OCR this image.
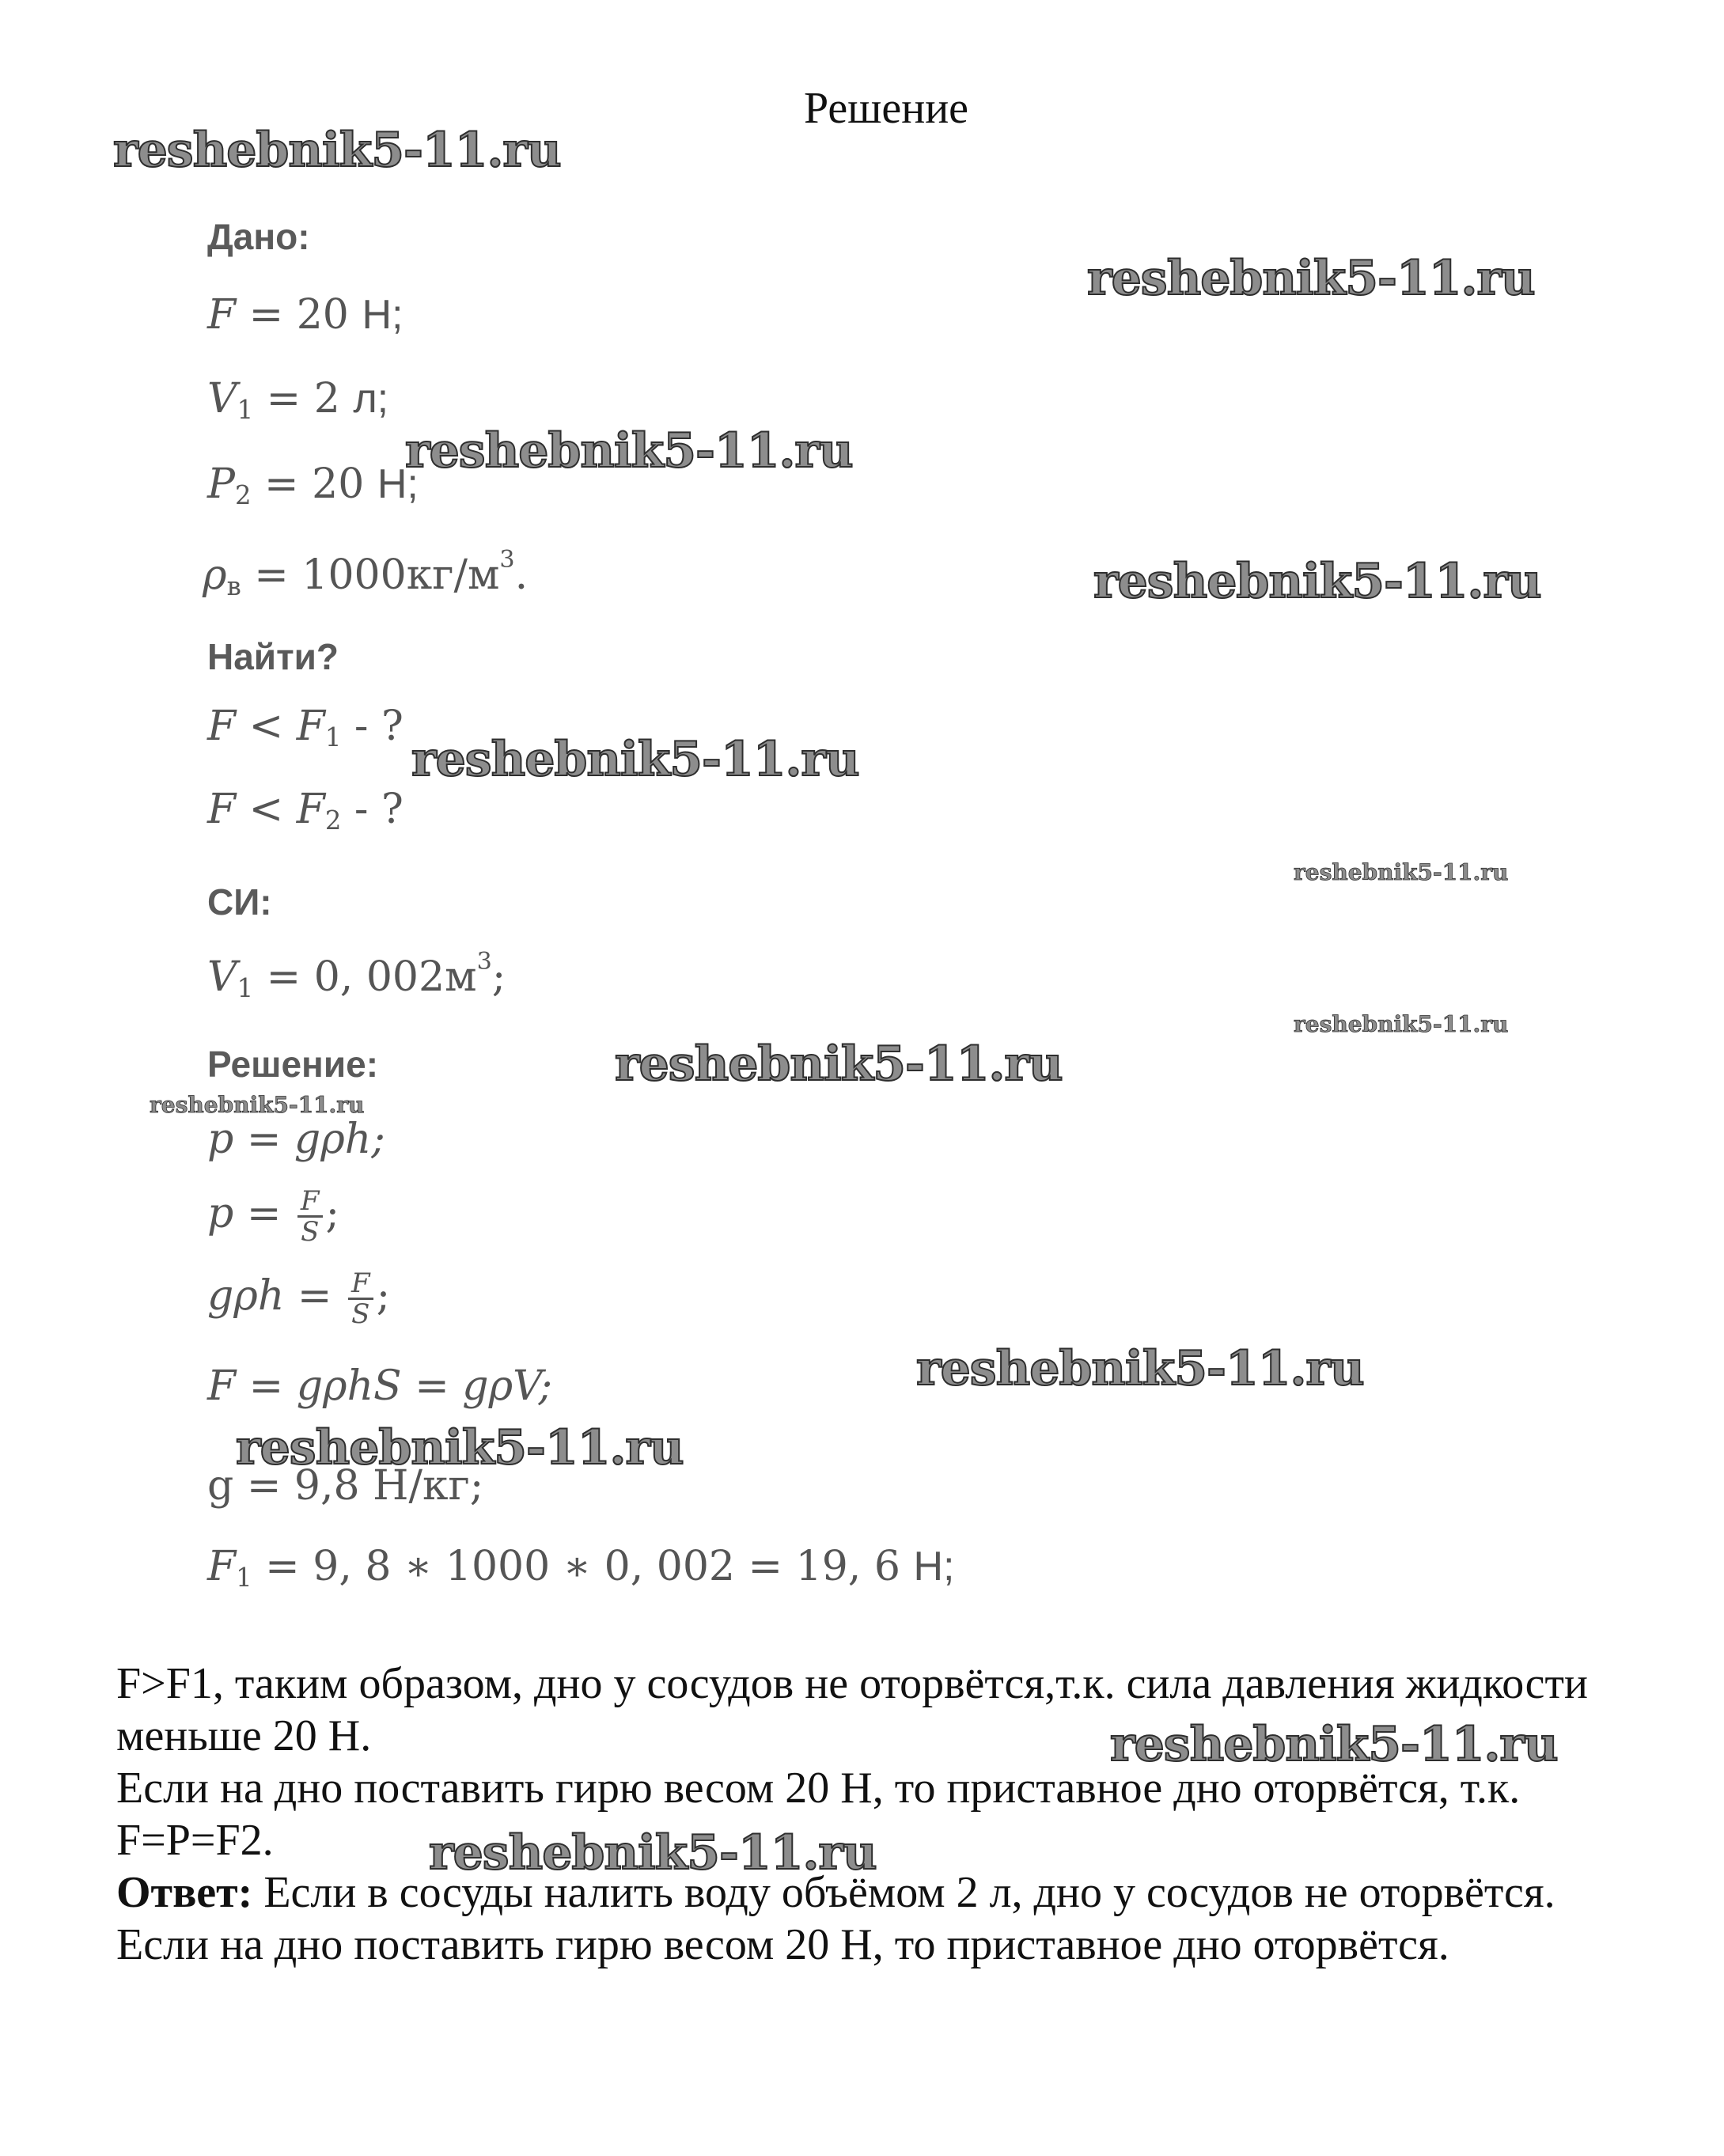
Решение
Дано:
F = 20 Н;
$V_1 = 2$ л;
$P_2 = 20$ Н;
$\rho_в = 1000кг/м^3$.
Найти?
$F < F_1$ - ?
$F < F_2$ - ?
СИ:
$V_1 = 0$, $002м^3$;
Решение:
p = gρh;
$p = \frac{F}{S}$ ;
$g\rho h = \frac{F}{S}$ ;
F = gρhS = gρV;
g = 9,8 Н/кг;
$F_1 = 9$, 8 ∗ 1000 ∗ 0, 002 = 19, 6 Н;

F>F1, таким образом, дно у сосудов не оторвётся,т.к. сила давления жидкости меньше 20 Н.

Если на дно поставить гирю весом 20 Н, то приставное дно оторвётся, т.к. F=P=F2.

Ответ: Если в сосуды налить воду объёмом 2 л, дно у сосудов не оторвётся.

Если на дно поставить гирю весом 20 Н, то приставное дно оторвётся.

reshebnik5-11.ru
reshebnik5-11.ru
reshebnik5-11.ru
reshebnik5-11.ru
reshebnik5-11.ru
reshebnik5-11.ru
reshebnik5-11.ru
reshebnik5-11.ru
reshebnik5-11.ru
reshebnik5-11.ru
reshebnik5-11.ru
reshebnik5-11.ru
reshebnik5-11.ru
